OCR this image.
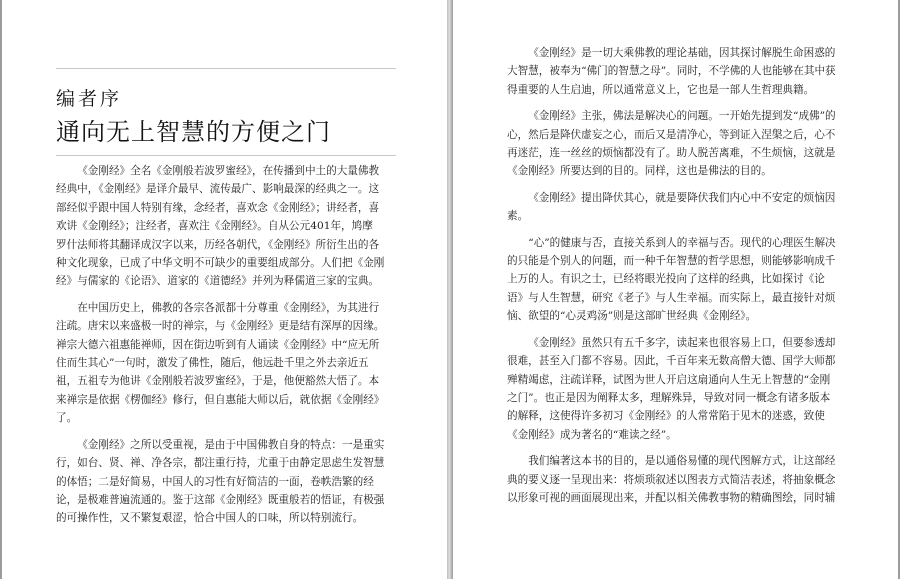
编者序
通向无上智慧的方便之门

《金刚经》全名《金刚般若波罗蜜经》，在传播到中土的大量佛教
经典中，《金刚经》是译介最早、流传最广、影响最深的经典之一。这
部经似乎跟中国人特别有缘，念经者，喜欢念《金刚经》；讲经者，喜
欢讲《金刚经》；注经者，喜欢注《金刚经》。自从公元401年，鸠摩
罗什法师将其翻译成汉字以来，历经各朝代，《金刚经》所衍生出的各
种文化现象，已成了中华文明不可缺少的重要组成部分。人们把《金刚
经》与儒家的《论语》、道家的《道德经》并列为释儒道三家的宝典。

在中国历史上，佛教的各宗各派都十分尊重《金刚经》，为其进行
注疏。唐宋以来盛极一时的禅宗，与《金刚经》更是结有深厚的因缘。
禅宗大德六祖惠能禅师，因在街边听到有人诵读《金刚经》中“应无所
住而生其心”一句时，激发了佛性，随后，他远赴千里之外去亲近五
祖，五祖专为他讲《金刚般若波罗蜜经》，于是，他便豁然大悟了。本
来禅宗是依据《楞伽经》修行，但自惠能大师以后，就依据《金刚经》
了。

《金刚经》之所以受重视，是由于中国佛教自身的特点：一是重实
行，如台、贤、禅、净各宗，都注重行持，尤重于由静定思虑生发智慧
的体悟；二是好简易，中国人的习性有好简洁的一面，卷帙浩繁的经
论，是极难普遍流通的。鉴于这部《金刚经》既重般若的悟证，有极强
的可操作性，又不繁复艰涩，恰合中国人的口味，所以特别流行。

《金刚经》是一切大乘佛教的理论基础，因其探讨解脱生命困惑的
大智慧，被奉为“佛门的智慧之母”。同时，不学佛的人也能够在其中获
得重要的人生启迪，所以通常意义上，它也是一部人生哲理典籍。

《金刚经》主张，佛法是解决心的问题。一开始先提到发“成佛”的
心，然后是降伏虚妄之心，而后又是清净心，等到证入涅槃之后，心不
再迷茫，连一丝丝的烦恼都没有了。助人脱苦离难，不生烦恼，这就是
《金刚经》所要达到的目的。同样，这也是佛法的目的。

《金刚经》提出降伏其心，就是要降伏我们内心中不安定的烦恼因
素。

“心”的健康与否，直接关系到人的幸福与否。现代的心理医生解决
的只能是个别人的问题，而一种千年智慧的哲学思想，则能够影响成千
上万的人。有识之士，已经将眼光投向了这样的经典，比如探讨《论
语》与人生智慧，研究《老子》与人生幸福。而实际上，最直接针对烦
恼、欲望的“心灵鸡汤”则是这部旷世经典《金刚经》。

《金刚经》虽然只有五千多字，读起来也很容易上口，但要参透却
很难，甚至入门都不容易。因此，千百年来无数高僧大德、国学大师都
殚精竭虑，注疏详释，试图为世人开启这扇通向人生无上智慧的“金刚
之门”。也正是因为阐释太多，理解殊异，导致对同一概念有诸多版本
的解释，这使得许多初习《金刚经》的人常常陷于见木的迷惑，致使
《金刚经》成为著名的“难读之经”。

我们编著这本书的目的，是以通俗易懂的现代图解方式，让这部经
典的要义逐一呈现出来：将烦琐叙述以图表方式简洁表述，将抽象概念
以形象可视的画面展现出来，并配以相关佛教事物的精确图绘，同时辅
